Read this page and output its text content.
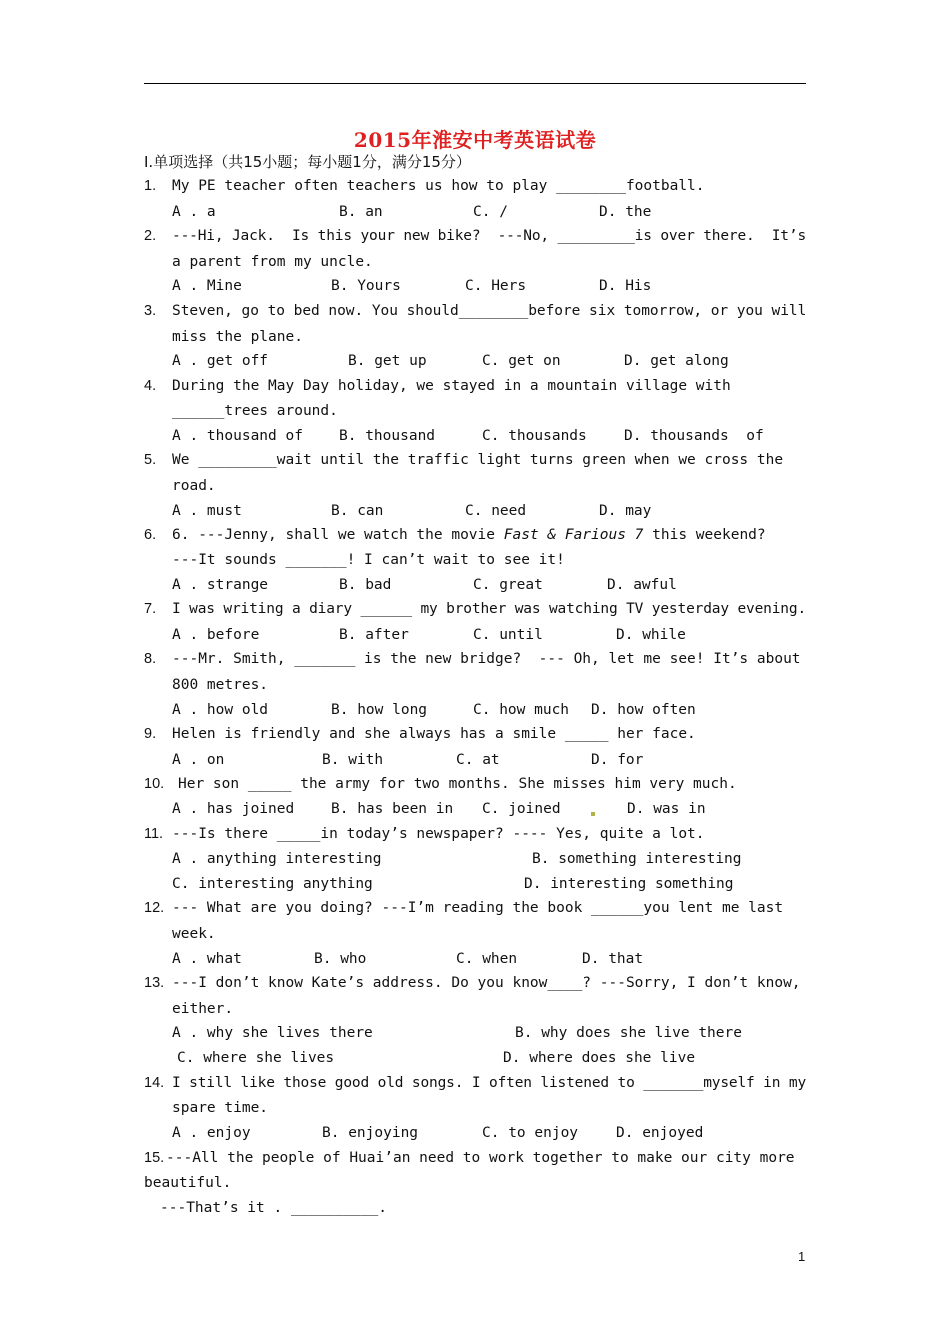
2015年淮安中考英语试卷
Ⅰ.单项选择（共15小题；每小题1分，满分15分）
1. My PE teacher often teachers us how to play ________football.
A . a	B. an	C. /	D. the
2. ---Hi, Jack.  Is this your new bike?  ---No, _________is over there.  It’s
a parent from my uncle.
A . Mine	B. Yours	C. Hers	D. His
3. Steven, go to bed now. You should________before six tomorrow, or you will
miss the plane.
A . get off	B. get up	C. get on	D. get along
4. During the May Day holiday, we stayed in a mountain village with
______trees around.
A . thousand of B. thousand	C. thousands	D. thousands  of
5. We _________wait until the traffic light turns green when we cross the
road.
A . must	B. can	C. need	D. may
6. 6. ---Jenny, shall we watch the movie Fast & Farious 7 this weekend?
---It sounds _______! I can’t wait to see it!
A . strange	B. bad	C. great	D. awful
7. I was writing a diary ______ my brother was watching TV yesterday evening.
A . before	B. after	C. until	D. while
8. ---Mr. Smith, _______ is the new bridge?  --- Oh, let me see! It’s about
800 metres.
A . how old	B. how long	C. how much D. how often
9. Helen is friendly and she always has a smile _____ her face.
A . on	B. with	C. at	D. for
10. Her son _____ the army for two months. She misses him very much.
A . has joined	B. has been in C. joined	D. was in
11. ---Is there _____in today’s newspaper? ---- Yes, quite a lot.
A . anything interesting	B. something interesting
C. interesting anything	D. interesting something
12. --- What are you doing? ---I’m reading the book ______you lent me last
week.
A . what	B. who	C. when	D. that
13. ---I don’t know Kate’s address. Do you know____? ---Sorry, I don’t know,
either.
A . why she lives there	B. why does she live there
C. where she lives	D. where does she live
14. I still like those good old songs. I often listened to _______myself in my
spare time.
A . enjoy	B. enjoying	C. to enjoy	D. enjoyed
15. ---All the people of Huai’an need to work together to make our city more
beautiful.
---That’s it . __________.
1
